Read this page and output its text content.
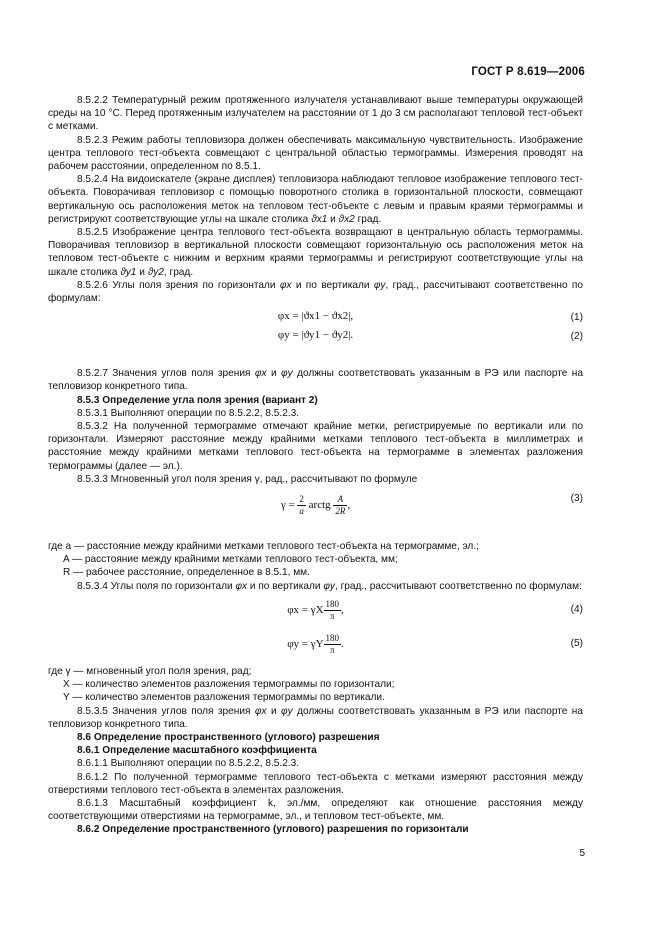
ГОСТ Р 8.619—2006

8.5.2.2 Температурный режим протяженного излучателя устанавливают выше температуры окружающей среды на 10 °С. Перед протяженным излучателем на расстоянии от 1 до 3 см располагают тепловой тест-объект с метками.

8.5.2.3 Режим работы тепловизора должен обеспечивать максимальную чувствительность. Изображение центра теплового тест-объекта совмещают с центральной областью термограммы. Измерения проводят на рабочем расстоянии, определенном по 8.5.1.

8.5.2.4 На видоискателе (экране дисплея) тепловизора наблюдают тепловое изображение теплового тест-объекта. Поворачивая тепловизор с помощью поворотного столика в горизонтальной плоскости, совмещают вертикальную ось расположения меток на тепловом тест-объекте с левым и правым краями термограммы и регистрируют соответствующие углы на шкале столика ϑx1 и ϑx2 град.

8.5.2.5 Изображение центра теплового тест-объекта возвращают в центральную область термограммы. Поворачивая тепловизор в вертикальной плоскости совмещают горизонтальную ось расположения меток на тепловом тест-объекте с нижним и верхним краями термограммы и регистрируют соответствующие углы на шкале столика ϑy1 и ϑy2, град.

8.5.2.6 Углы поля зрения по горизонтали φx и по вертикали φy, град., рассчитывают соответственно по формулам:

φx = |ϑx1 − ϑx2|,	(1)
φy = |ϑy1 − ϑy2|.	(2)

8.5.2.7 Значения углов поля зрения φx и φy должны соответствовать указанным в РЭ или паспорте на тепловизор конкретного типа.

8.5.3 Определение угла поля зрения (вариант 2)

8.5.3.1 Выполняют операции по 8.5.2.2, 8.5.2.3.

8.5.3.2 На полученной термограмме отмечают крайние метки, регистрируемые по вертикали или по горизонтали. Измеряют расстояние между крайними метками теплового тест-объекта в миллиметрах и расстояние между крайними метками теплового тест-объекта на термограмме в элементах разложения термограммы (далее — эл.).

8.5.3.3 Мгновенный угол поля зрения γ, рад., рассчитывают по формуле

$\gamma = \frac{2}{a}$ arctg $\frac{A}{2R}$ ,
(3)

где a — расстояние между крайними метками теплового тест-объекта на термограмме, эл.;

A — расстояние между крайними метками теплового тест-объекта, мм;

R — рабочее расстояние, определенное в 8.5.1, мм.

8.5.3.4 Углы поля по горизонтали φx и по вертикали φy, град., рассчитывают соответственно по формулам:

φx = γX $\frac{180}{\pi}$ ,	(4)
φy = γY $\frac{180}{\pi}$ .	(5)

где γ — мгновенный угол поля зрения, рад;

X — количество элементов разложения термограммы по горизонтали;

Y — количество элементов разложения термограммы по вертикали.

8.5.3.5 Значения углов поля зрения φx и φy должны соответствовать указанным в РЭ или паспорте на тепловизор конкретного типа.

8.6 Определение пространственного (углового) разрешения

8.6.1 Определение масштабного коэффициента

8.6.1.1 Выполняют операции по 8.5.2.2, 8.5.2.3.

8.6.1.2 По полученной термограмме теплового тест-объекта с метками измеряют расстояния между отверстиями теплового тест-объекта в элементах разложения.

8.6.1.3 Масштабный коэффициент k, эл./мм, определяют как отношение расстояния между соответствующими отверстиями на термограмме, эл., и тепловом тест-объекте, мм.

8.6.2 Определение пространственного (углового) разрешения по горизонтали

5
